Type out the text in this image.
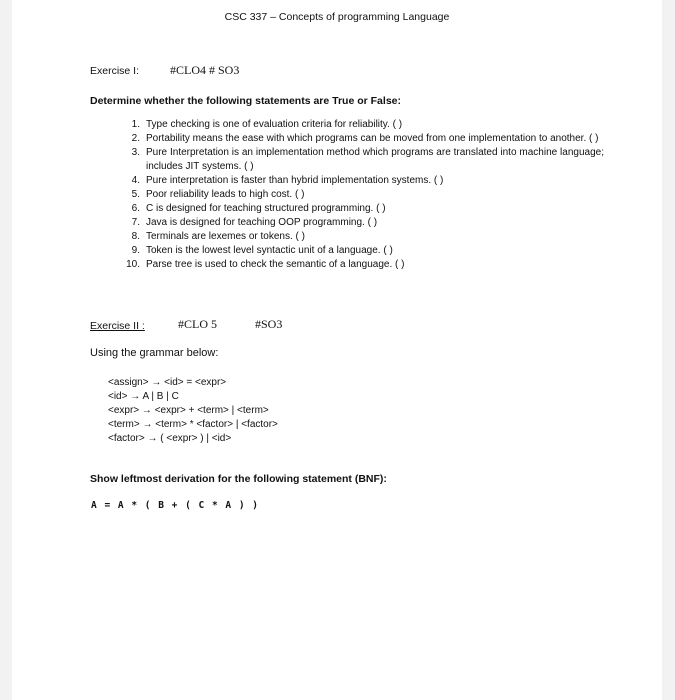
CSC 337 – Concepts of programming Language
Exercise I:	#CLO4 # SO3
Determine whether the following statements are True or False:
1. Type checking is one of evaluation criteria for reliability. ( )
2. Portability means the ease with which programs can be moved from one implementation to another. ( )
3. Pure Interpretation is an implementation method which programs are translated into machine language; includes JIT systems. ( )
4. Pure interpretation is faster than hybrid implementation systems. ( )
5. Poor reliability leads to high cost. ( )
6. C is designed for teaching structured programming. ( )
7. Java is designed for teaching OOP programming. ( )
8. Terminals are lexemes or tokens. ( )
9. Token is the lowest level syntactic unit of a language. ( )
10. Parse tree is used to check the semantic of a language. ( )
Exercise II :	#CLO 5	#SO3
Using the grammar below:
<assign> → <id> = <expr>
<id> → A | B | C
<expr> → <expr> + <term> | <term>
<term> → <term> * <factor> | <factor>
<factor> → ( <expr> ) | <id>
Show leftmost derivation for the following statement (BNF):
A = A * ( B + ( C * A ) )
